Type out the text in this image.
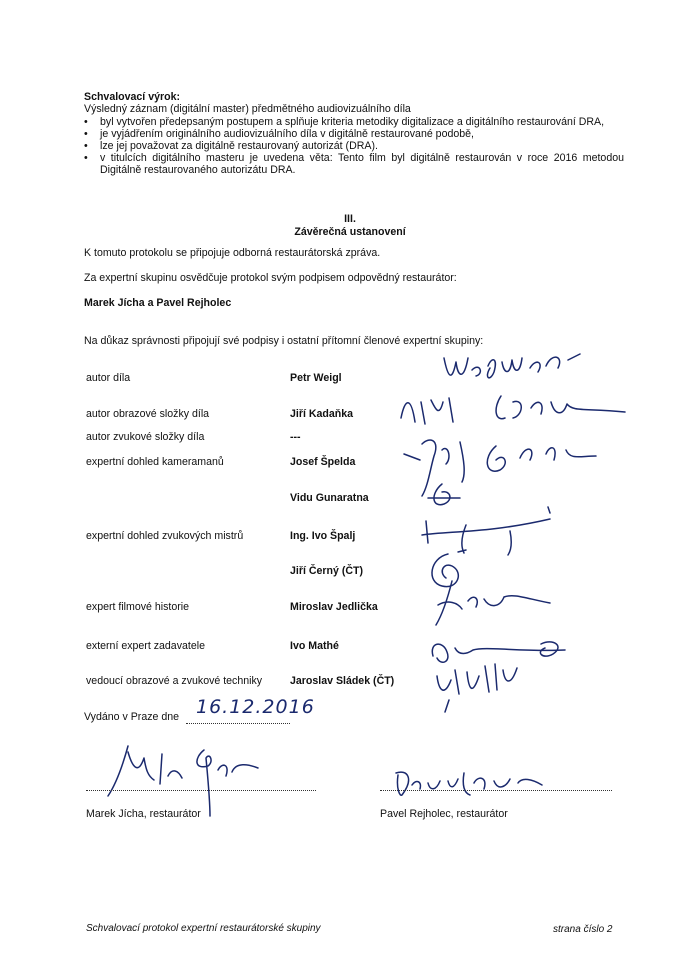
Schvalovací výrok:
Výsledný záznam (digitální master) předmětného audiovizuálního díla
• byl vytvořen předepsaným postupem a splňuje kriteria metodiky digitalizace a digitálního restaurování DRA,
• je vyjádřením originálního audiovizuálního díla v digitálně restaurované podobě,
• lze jej považovat za digitálně restaurovaný autorizát (DRA).
• v titulcích digitálního masteru je uvedena věta: Tento film byl digitálně restaurován v roce 2016 metodou Digitálně restaurovaného autorizátu DRA.
III.
Závěrečná ustanovení
K tomuto protokolu se připojuje odborná restaurátorská zpráva.
Za expertní skupinu osvědčuje protokol svým podpisem odpovědný restaurátor:
Marek Jícha a Pavel Rejholec
Na důkaz správnosti připojují své podpisy i ostatní přítomní členové expertní skupiny:
autor díla	Petr Weigl
autor obrazové složky díla	Jiří Kadaňka
autor zvukové složky díla	---
expertní dohled kameramanů	Josef Špelda
Vidu Gunaratna
expertní dohled zvukových mistrů	Ing. Ivo Špalj
Jiří Černý (ČT)
expert filmové historie	Miroslav Jedlička
externí expert zadavatele	Ivo Mathé
vedoucí obrazové a zvukové techniky	Jaroslav Sládek (ČT)
Vydáno v Praze dne 16.12.2016
Marek Jícha, restaurátor	Pavel Rejholec, restaurátor
Schvalovací protokol expertní restaurátorské skupiny	strana číslo 2
